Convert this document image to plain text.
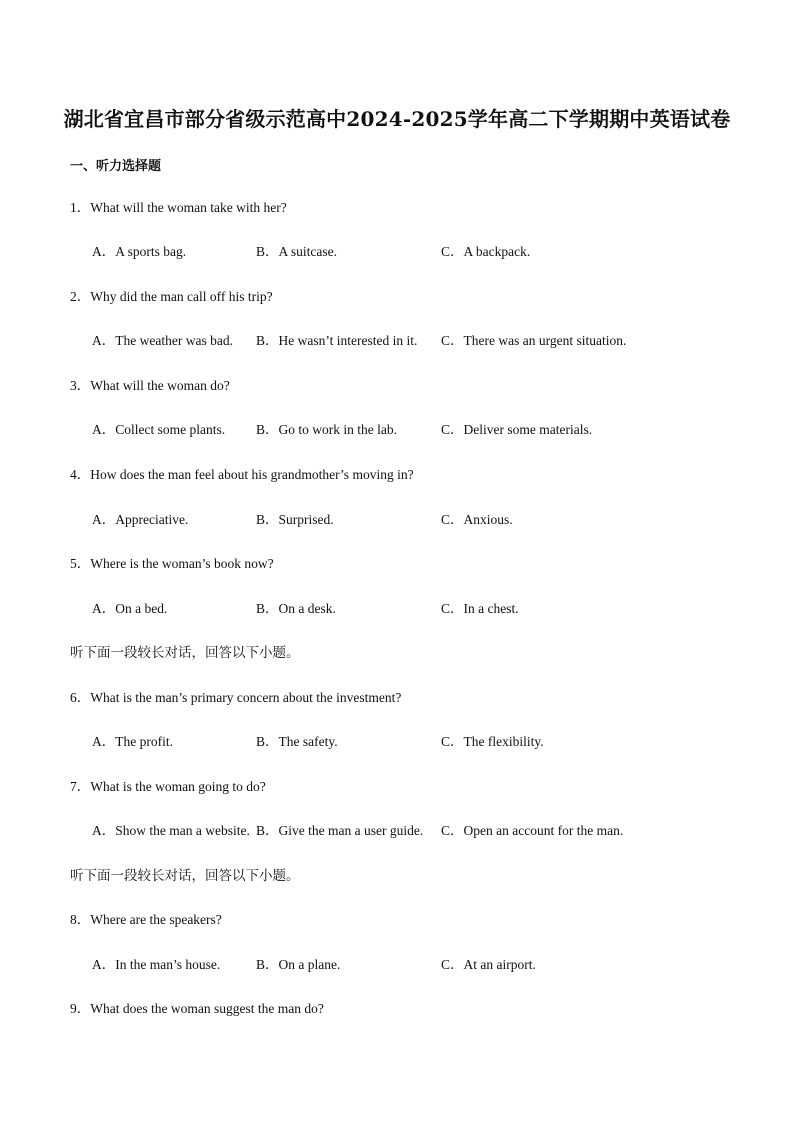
湖北省宜昌市部分省级示范高中2024-2025学年高二下学期期中英语试卷
一、听力选择题
1．What will the woman take with her?
A．A sports bag.	B．A suitcase.	C．A backpack.
2．Why did the man call off his trip?
A．The weather was bad. B．He wasn’t interested in it. C．There was an urgent situation.
3．What will the woman do?
A．Collect some plants. B．Go to work in the lab.	C．Deliver some materials.
4．How does the man feel about his grandmother’s moving in?
A．Appreciative.	B．Surprised.	C．Anxious.
5．Where is the woman’s book now?
A．On a bed.	B．On a desk.	C．In a chest.
听下面一段较长对话，回答以下小题。
6．What is the man’s primary concern about the investment?
A．The profit.	B．The safety.	C．The flexibility.
7．What is the woman going to do?
A．Show the man a website. B．Give the man a user guide. C．Open an account for the man.
听下面一段较长对话，回答以下小题。
8．Where are the speakers?
A．In the man’s house.	B．On a plane.	C．At an airport.
9．What does the woman suggest the man do?
